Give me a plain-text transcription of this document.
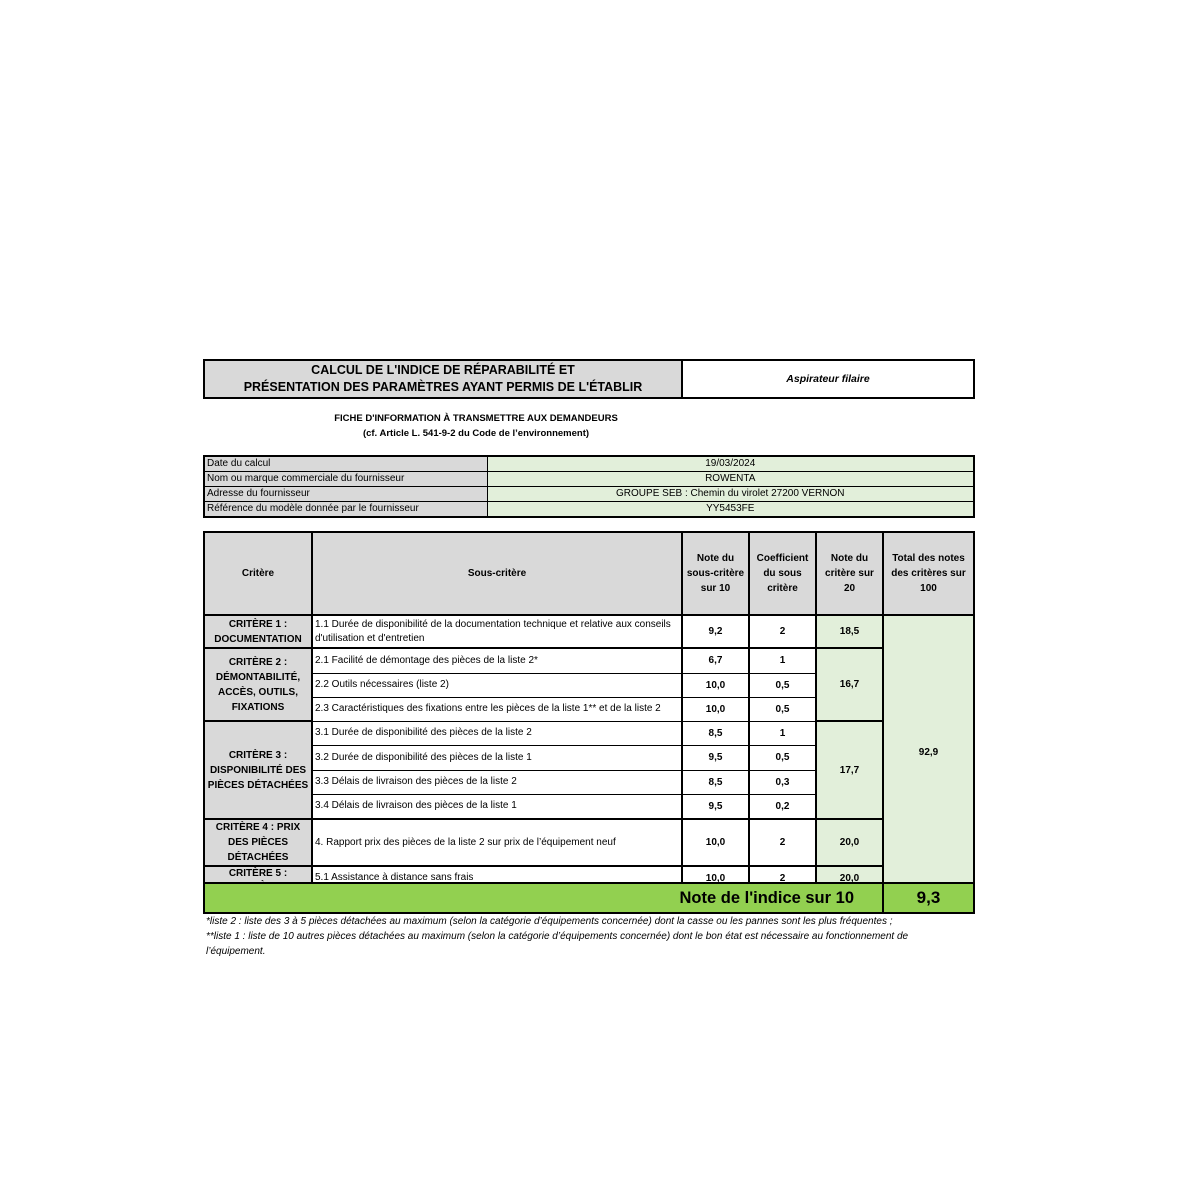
CALCUL DE L'INDICE DE RÉPARABILITÉ ET
PRÉSENTATION DES PARAMÈTRES AYANT PERMIS DE L'ÉTABLIR
	Aspirateur filaire
FICHE D'INFORMATION À TRANSMETTRE AUX DEMANDEURS
(cf. Article L. 541-9-2 du Code de l’environnement)
Date du calcul	19/03/2024
Nom ou marque commerciale du fournisseur	ROWENTA
Adresse du fournisseur	GROUPE SEB : Chemin du virolet 27200 VERNON
Référence du modèle donnée par le fournisseur	YY5453FE
Critère	Sous-critère	Note du sous-critère sur 10	Coefficient du sous critère	Note du critère sur 20	Total des notes des critères sur 100
CRITÈRE 1 : DOCUMENTATION	1.1 Durée de disponibilité de la documentation technique et relative aux conseils d'utilisation et d'entretien	9,2	2	18,5	92,9
CRITÈRE 2 : DÉMONTABILITÉ, ACCÈS, OUTILS, FIXATIONS	2.1 Facilité de démontage des pièces de la liste 2*	6,7	1	16,7	
	2.2 Outils nécessaires (liste 2)	10,0	0,5		
	2.3 Caractéristiques des fixations entre les pièces de la liste 1** et de la liste 2	10,0	0,5		
CRITÈRE 3 : DISPONIBILITÉ DES PIÈCES DÉTACHÉES	3.1 Durée de disponibilité des pièces de la liste 2	8,5	1	17,7	
	3.2 Durée de disponibilité des pièces de la liste 1	9,5	0,5		
	3.3 Délais de livraison des pièces de la liste 2	8,5	0,3		
	3.4 Délais de livraison des pièces de la liste 1	9,5	0,2		
CRITÈRE 4 : PRIX DES PIÈCES DÉTACHÉES	4. Rapport prix des pièces de la liste 2 sur prix de l’équipement neuf	10,0	2	20,0	

CRITÈRE 5 :	5.1 Assistance à distance sans frais	10,0	2	20,0	
Note de l'indice sur 10	9,3

*liste 2 : liste des 3 à 5 pièces détachées au maximum (selon la catégorie d’équipements concernée) dont la casse ou les pannes sont les plus fréquentes ;

**liste 1 : liste de 10 autres pièces détachées au maximum (selon la catégorie d’équipements concernée) dont le bon état est nécessaire au fonctionnement de l’équipement.
